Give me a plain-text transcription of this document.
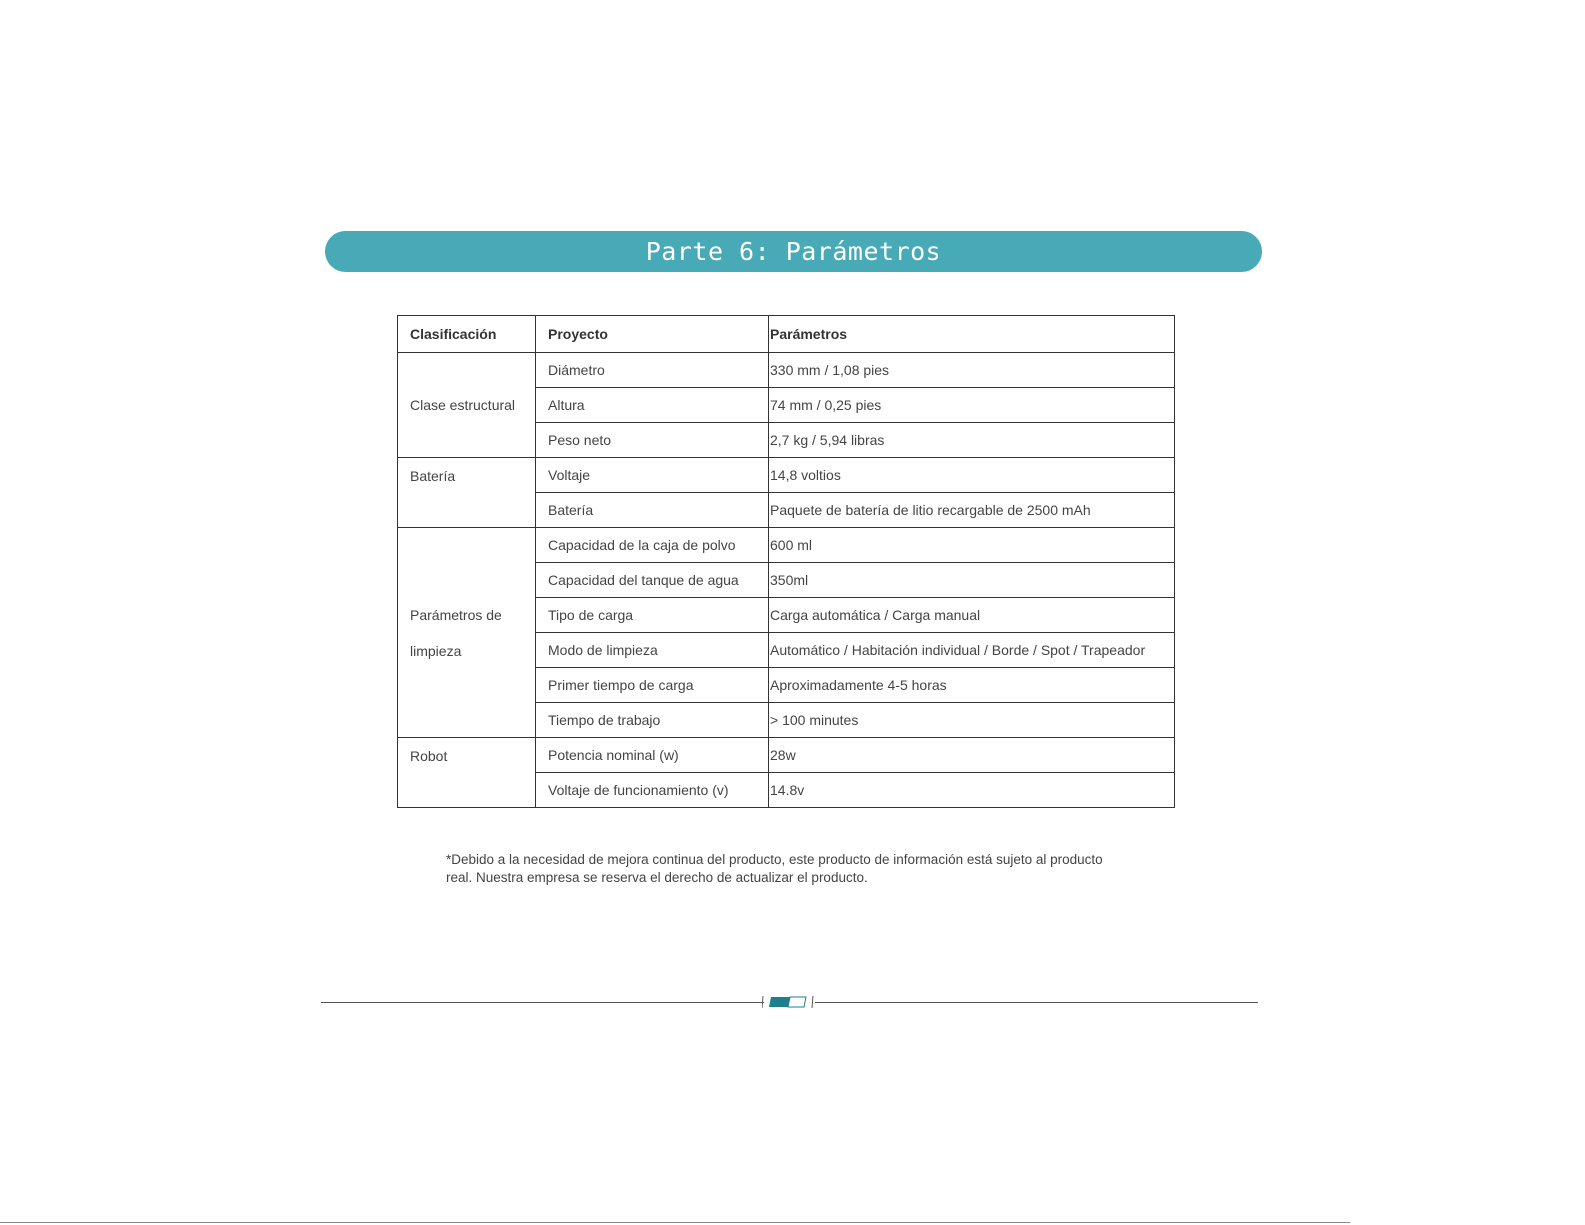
Parte 6: Parámetros
Clasificación	Proyecto	Parámetros
Clase estructural	Diámetro	330 mm / 1,08 pies
	Altura	74 mm / 0,25 pies
	Peso neto	2,7 kg / 5,94 libras
Batería	Voltaje	14,8 voltios
	Batería	Paquete de batería de litio recargable de 2500 mAh
Parámetros de limpieza	Capacidad de la caja de polvo	600 ml
	Capacidad del tanque de agua	350ml
	Tipo de carga	Carga automática / Carga manual
	Modo de limpieza	Automático / Habitación individual / Borde / Spot / Trapeador
	Primer tiempo de carga	Aproximadamente 4-5 horas
	Tiempo de trabajo	> 100 minutes
Robot	Potencia nominal (w)	28w
	Voltaje de funcionamiento (v)	14.8v
*Debido a la necesidad de mejora continua del producto, este producto de información está sujeto al producto
real. Nuestra empresa se reserva el derecho de actualizar el producto.
